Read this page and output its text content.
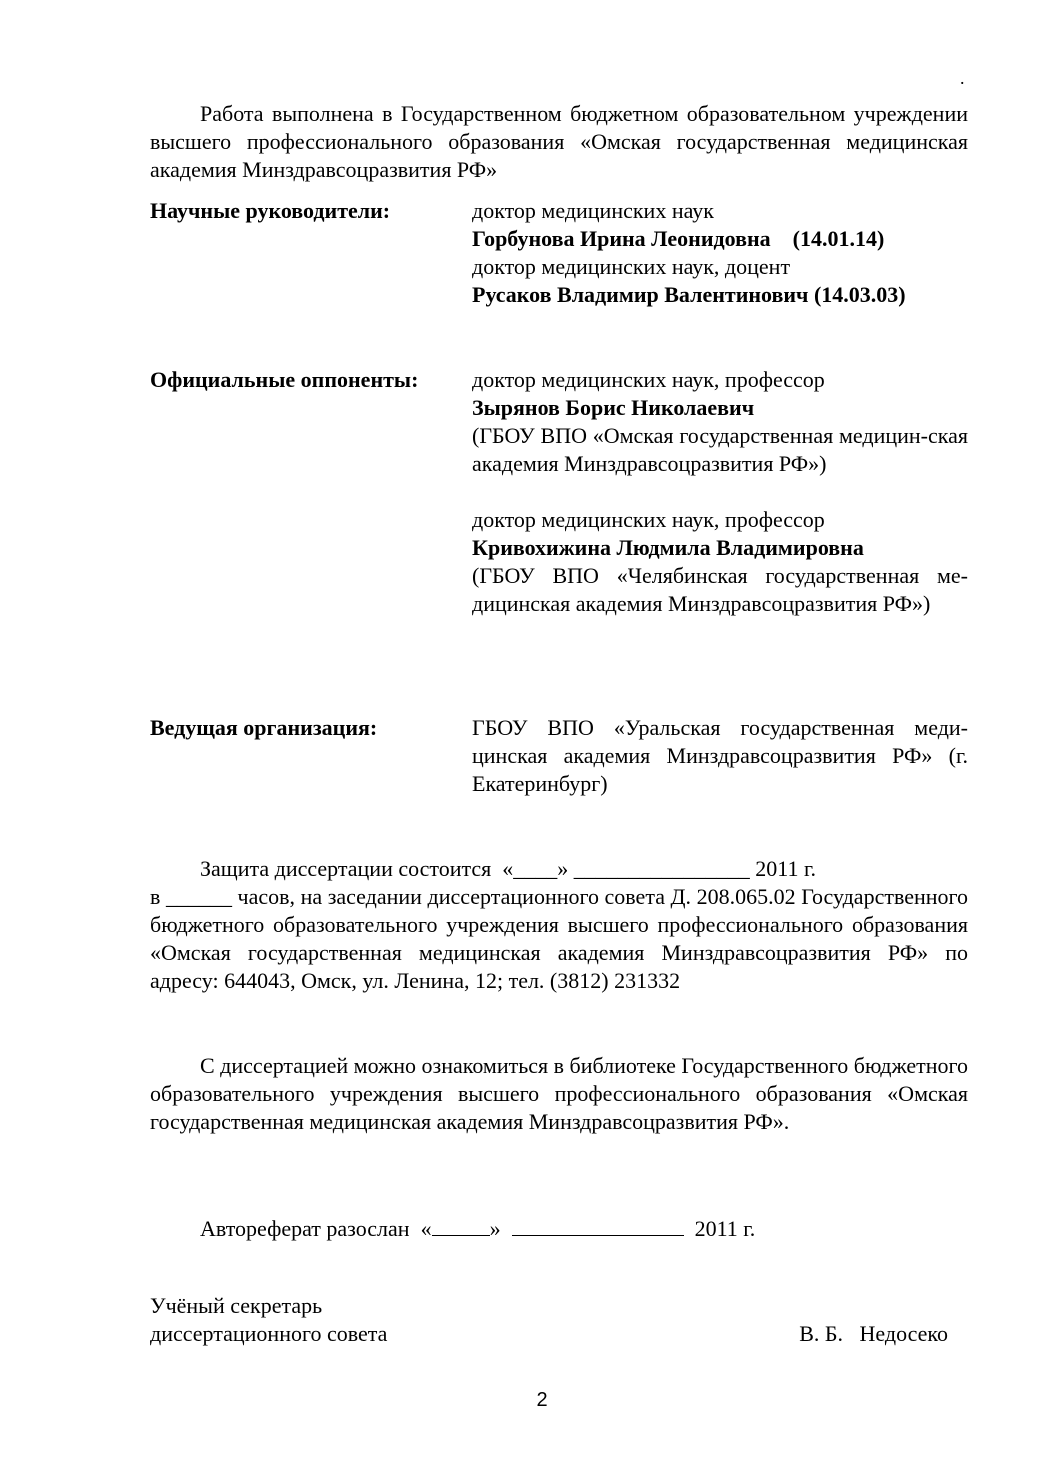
.

Работа выполнена в Государственном бюджетном образовательном учреждении высшего профессионального образования «Омская государственная медицинская академия Минздравсоцразвития РФ»

Научные руководители:	доктор медицинских наук
Горбунова Ирина Леонидовна    (14.01.14)
доктор медицинских наук, доцент
Русаков Владимир Валентинович (14.03.03)
Официальные оппоненты: доктор медицинских наук, профессор
Зырянов Борис Николаевич
(ГБОУ ВПО «Омская государственная медицин-ская академия Минздравсоцразвития РФ»)
доктор медицинских наук, профессор
Кривохижина Людмила Владимировна
(ГБОУ ВПО «Челябинская государственная ме-дицинская академия Минздравсоцразвития РФ»)
Ведущая организация:	ГБОУ ВПО «Уральская государственная меди-цинская академия Минздравсоцразвития РФ» (г. Екатеринбург)
Защита диссертации состоится  «____» ________________ 2011 г.

в ______ часов, на заседании диссертационного совета Д. 208.065.02 Государственного бюджетного образовательного учреждения высшего профессионального образования «Омская государственная медицинская академия Минздравсоцразвития РФ» по адресу: 644043, Омск, ул. Ленина, 12; тел. (3812) 231332

С диссертацией можно ознакомиться в библиотеке Государственного бюджетного образовательного учреждения высшего профессионального образования «Омская государственная медицинская академия Минздравсоцразвития РФ».

Автореферат разослан  «	»	2011 г.
Учёный секретарь
диссертационного совета	В. Б.   Недосеко
2
